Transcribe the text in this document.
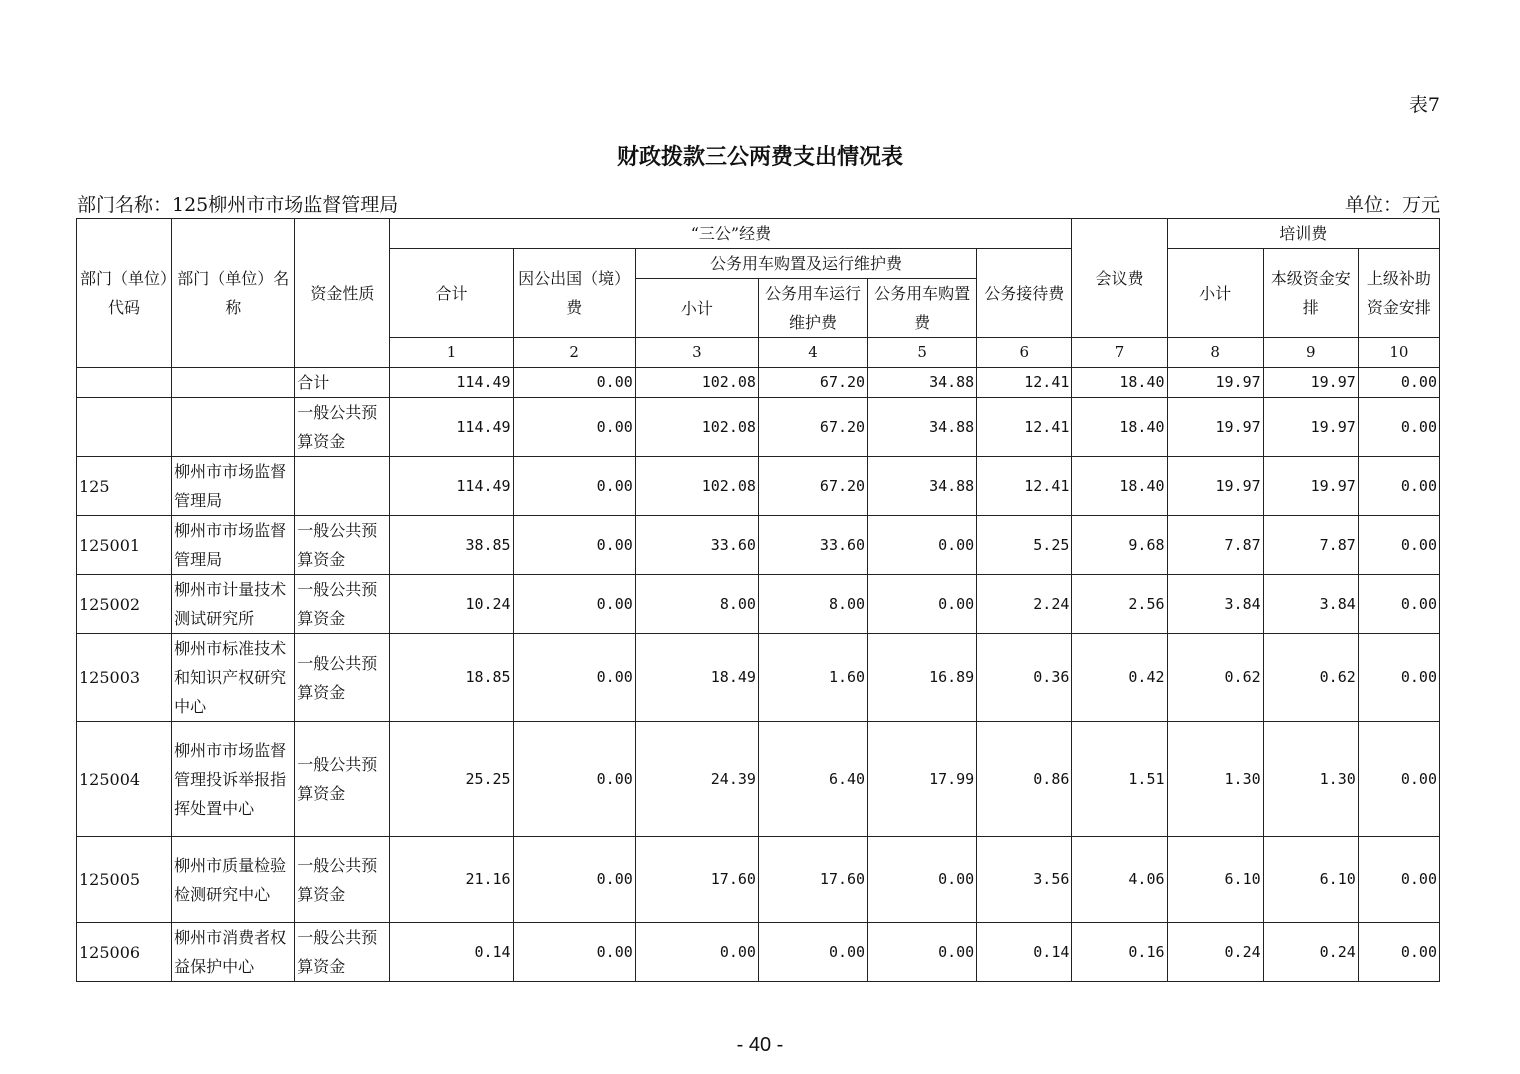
表7
财政拨款三公两费支出情况表
部门名称：125柳州市市场监督管理局	单位：万元
部门（单位）代码	部门（单位）名称	资金性质	“三公”经费						会议费	培训费		
			合计	因公出国（境）费	公务用车购置及运行维护费			公务接待费		小计	本级资金安排	上级补助资金安排
					小计	公务用车运行维护费	公务用车购置费					
			1	2	3	4	5	6	7	8	9	10
		合计	114.49	0.00	102.08	67.20	34.88	12.41	18.40	19.97	19.97	0.00
		一般公共预算资金	114.49	0.00	102.08	67.20	34.88	12.41	18.40	19.97	19.97	0.00
125	柳州市市场监督管理局		114.49	0.00	102.08	67.20	34.88	12.41	18.40	19.97	19.97	0.00
125001	柳州市市场监督管理局	一般公共预算资金	38.85	0.00	33.60	33.60	0.00	5.25	9.68	7.87	7.87	0.00
125002	柳州市计量技术测试研究所	一般公共预算资金	10.24	0.00	8.00	8.00	0.00	2.24	2.56	3.84	3.84	0.00
125003	柳州市标准技术和知识产权研究中心	一般公共预算资金	18.85	0.00	18.49	1.60	16.89	0.36	0.42	0.62	0.62	0.00
125004	柳州市市场监督管理投诉举报指挥处置中心	一般公共预算资金	25.25	0.00	24.39	6.40	17.99	0.86	1.51	1.30	1.30	0.00
125005	柳州市质量检验检测研究中心	一般公共预算资金	21.16	0.00	17.60	17.60	0.00	3.56	4.06	6.10	6.10	0.00
125006	柳州市消费者权益保护中心	一般公共预算资金	0.14	0.00	0.00	0.00	0.00	0.14	0.16	0.24	0.24	0.00
- 40 -
